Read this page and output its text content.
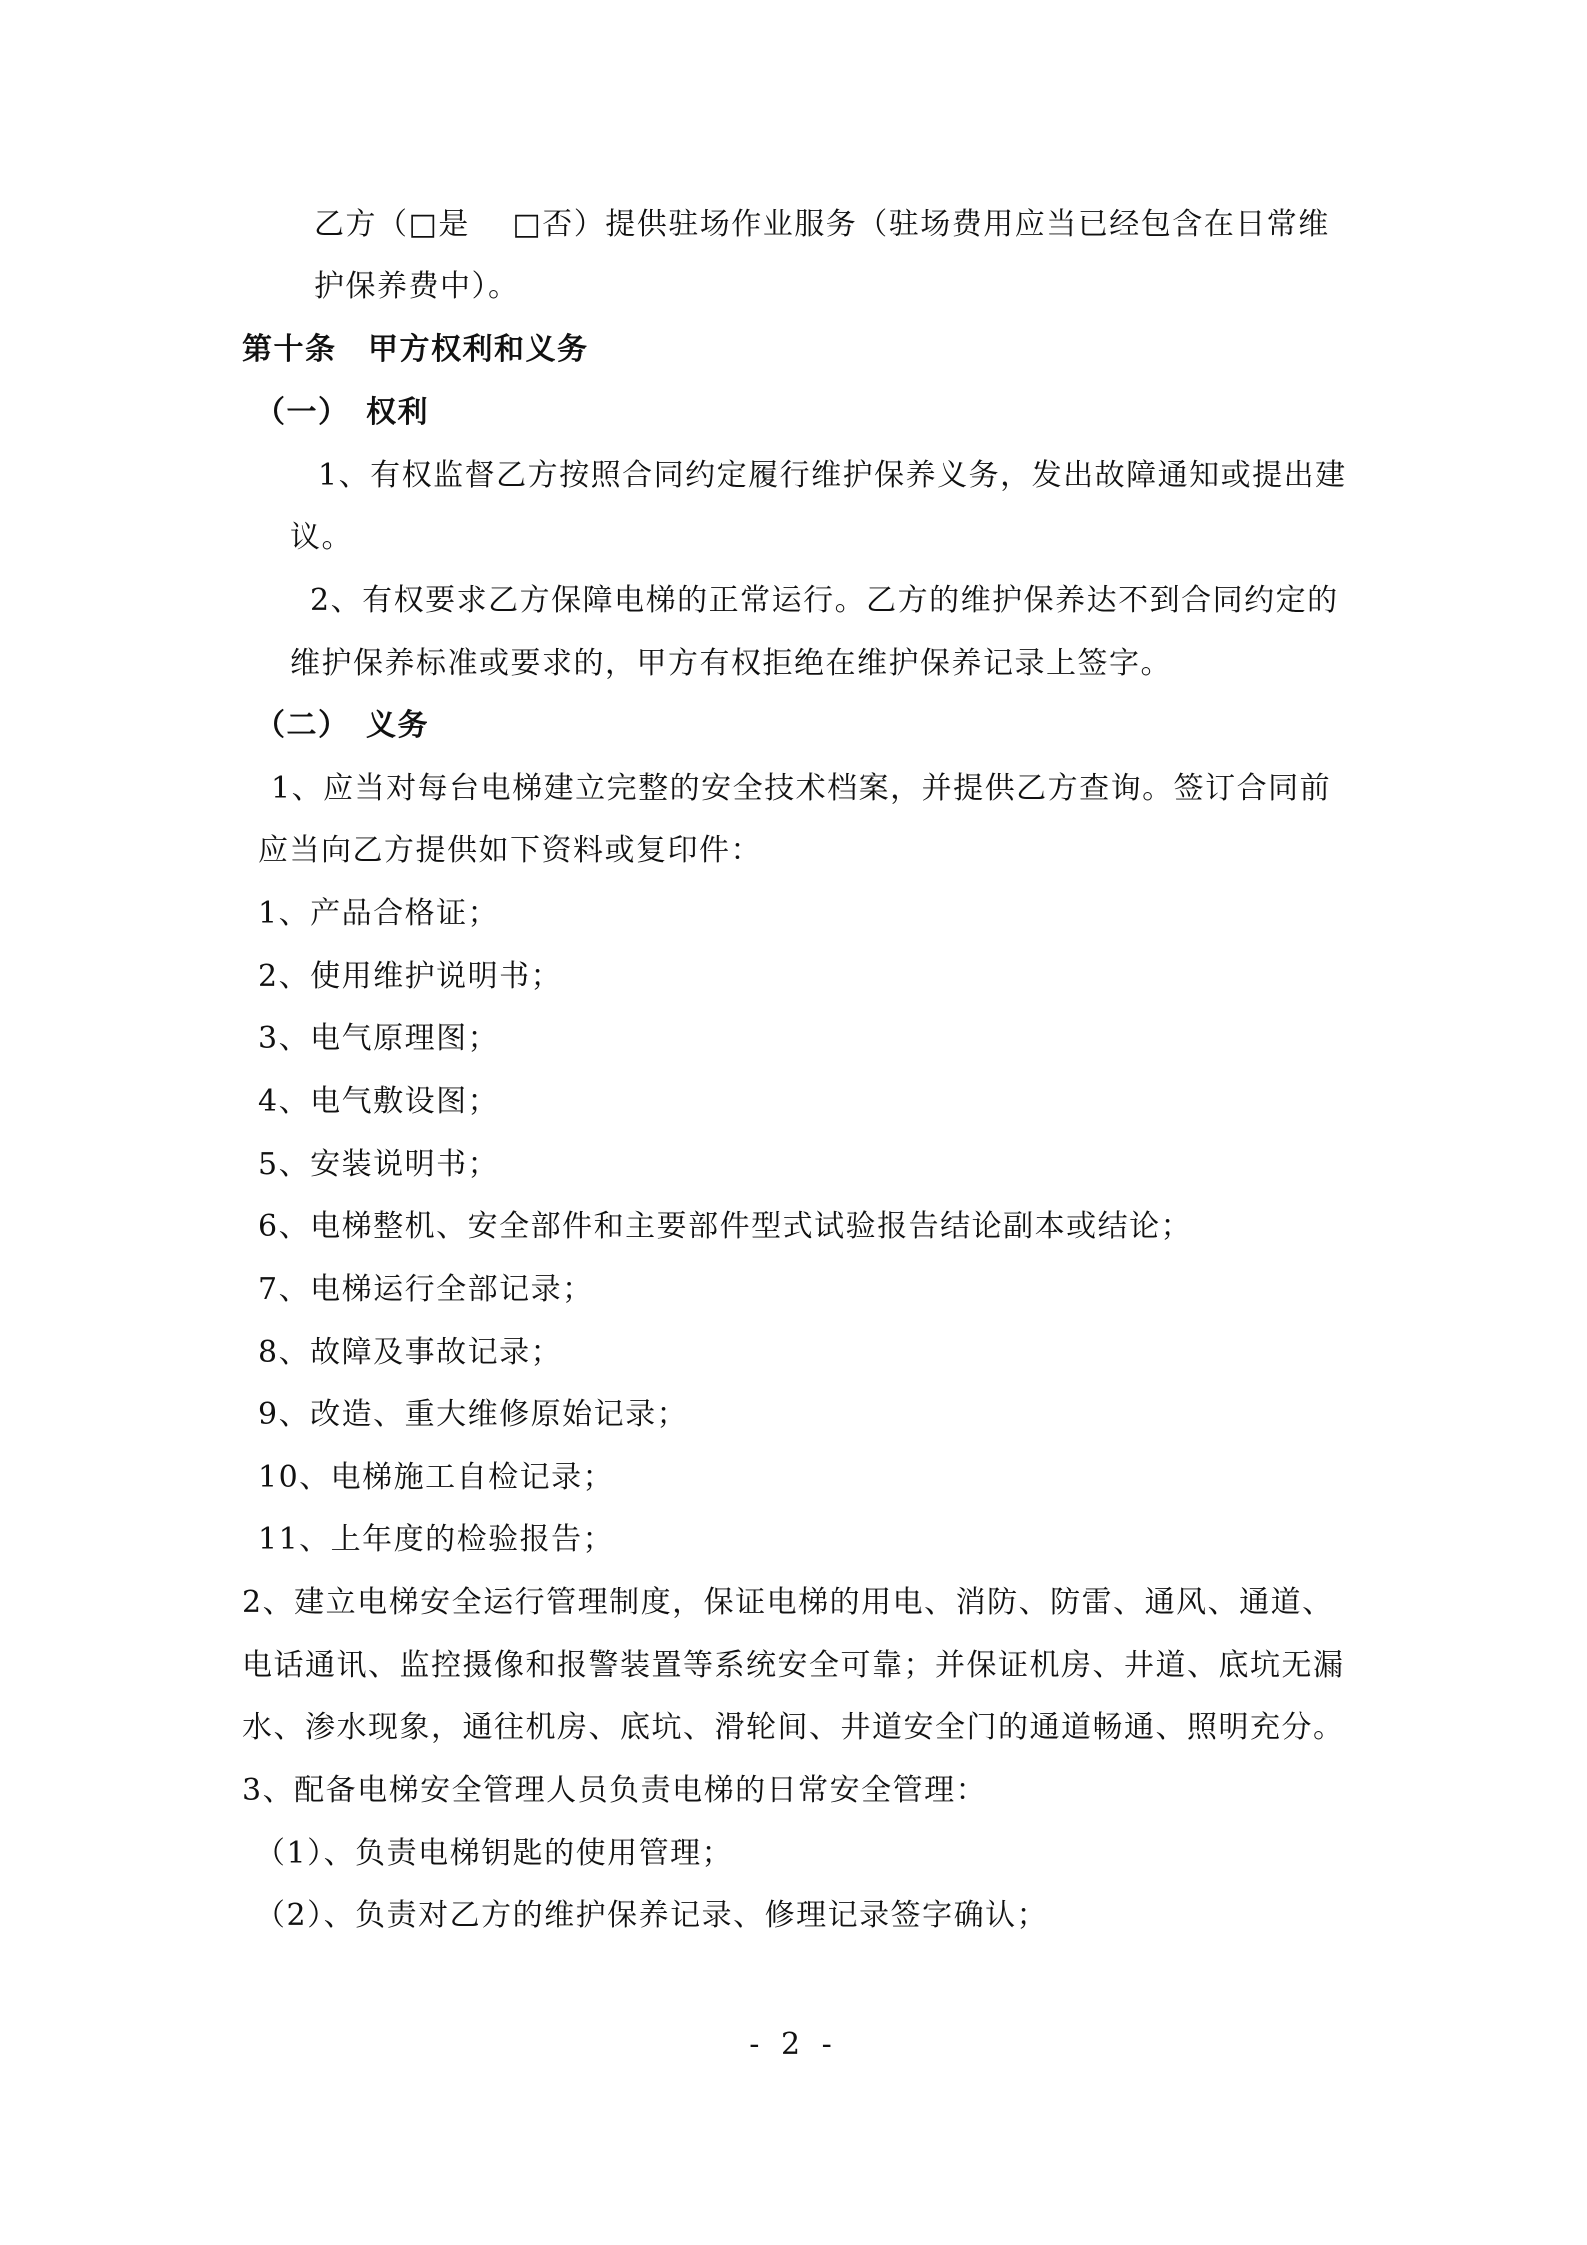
乙方（□是　 □否）提供驻场作业服务（驻场费用应当已经包含在日常维
护保养费中）。
第十条　甲方权利和义务
（一）　权利
1、有权监督乙方按照合同约定履行维护保养义务，发出故障通知或提出建
议。
2、有权要求乙方保障电梯的正常运行。乙方的维护保养达不到合同约定的
维护保养标准或要求的，甲方有权拒绝在维护保养记录上签字。
（二）　义务
1、应当对每台电梯建立完整的安全技术档案，并提供乙方查询。签订合同前
应当向乙方提供如下资料或复印件：
1、产品合格证；
2、使用维护说明书；
3、电气原理图；
4、电气敷设图；
5、安装说明书；
6、电梯整机、安全部件和主要部件型式试验报告结论副本或结论；
7、电梯运行全部记录；
8、故障及事故记录；
9、改造、重大维修原始记录；
10、电梯施工自检记录；
11、上年度的检验报告；
2、建立电梯安全运行管理制度，保证电梯的用电、消防、防雷、通风、通道、
电话通讯、监控摄像和报警装置等系统安全可靠；并保证机房、井道、底坑无漏
水、渗水现象，通往机房、底坑、滑轮间、井道安全门的通道畅通、照明充分。
3、配备电梯安全管理人员负责电梯的日常安全管理：
（1）、负责电梯钥匙的使用管理；
（2）、负责对乙方的维护保养记录、修理记录签字确认；
- 2 -
